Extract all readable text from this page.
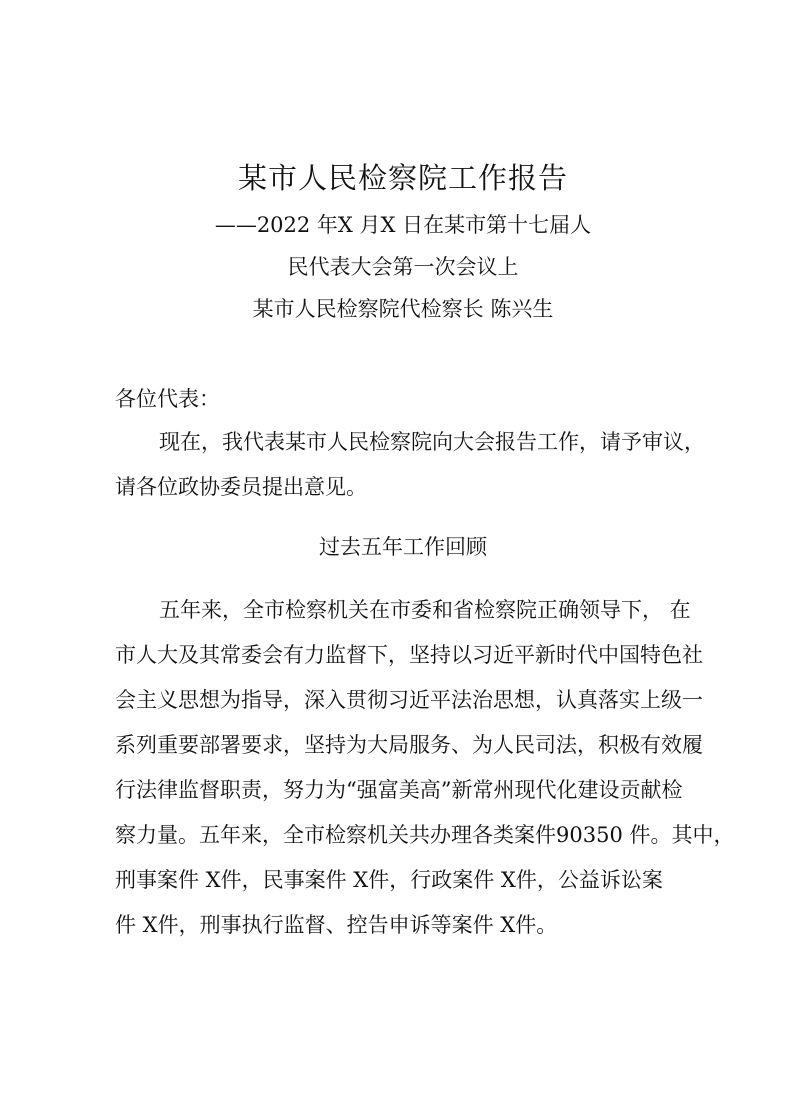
某市人民检察院工作报告
——2022 年X 月X 日在某市第十七届人
民代表大会第一次会议上
某市人民检察院代检察长 陈兴生
各位代表：
现在，我代表某市人民检察院向大会报告工作，请予审议，
请各位政协委员提出意见。
过去五年工作回顾
五年来，全市检察机关在市委和省检察院正确领导下， 在
市人大及其常委会有力监督下，坚持以习近平新时代中国特色社
会主义思想为指导，深入贯彻习近平法治思想，认真落实上级一
系列重要部署要求，坚持为大局服务、为人民司法，积极有效履
行法律监督职责，努力为“强富美高”新常州现代化建设贡献检
察力量。五年来，全市检察机关共办理各类案件90350 件。其中，
刑事案件 X件，民事案件 X件，行政案件 X件，公益诉讼案
件 X件，刑事执行监督、控告申诉等案件 X件。
